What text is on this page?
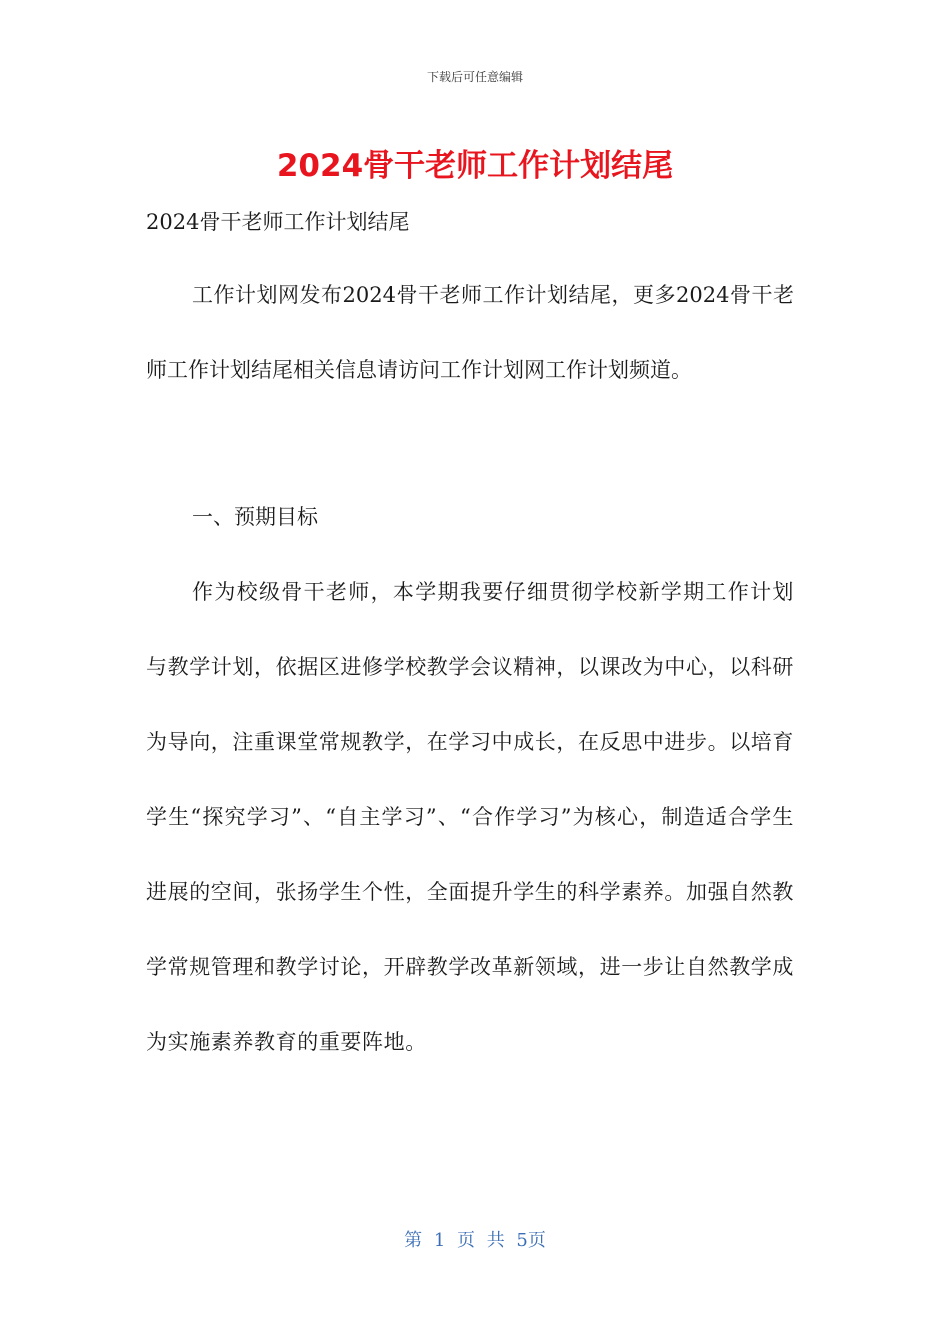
下载后可任意编辑
2024骨干老师工作计划结尾
2024骨干老师工作计划结尾

工作计划网发布2024骨干老师工作计划结尾，更多2024骨干老师工作计划结尾相关信息请访问工作计划网工作计划频道。

一、预期目标

作为校级骨干老师，本学期我要仔细贯彻学校新学期工作计划与教学计划，依据区进修学校教学会议精神，以课改为中心，以科研为导向，注重课堂常规教学，在学习中成长，在反思中进步。以培育学生“探究学习”、“自主学习”、“合作学习”为核心，制造适合学生进展的空间，张扬学生个性，全面提升学生的科学素养。加强自然教学常规管理和教学讨论，开辟教学改革新领域，进一步让自然教学成为实施素养教育的重要阵地。

第 1 页 共 5页
